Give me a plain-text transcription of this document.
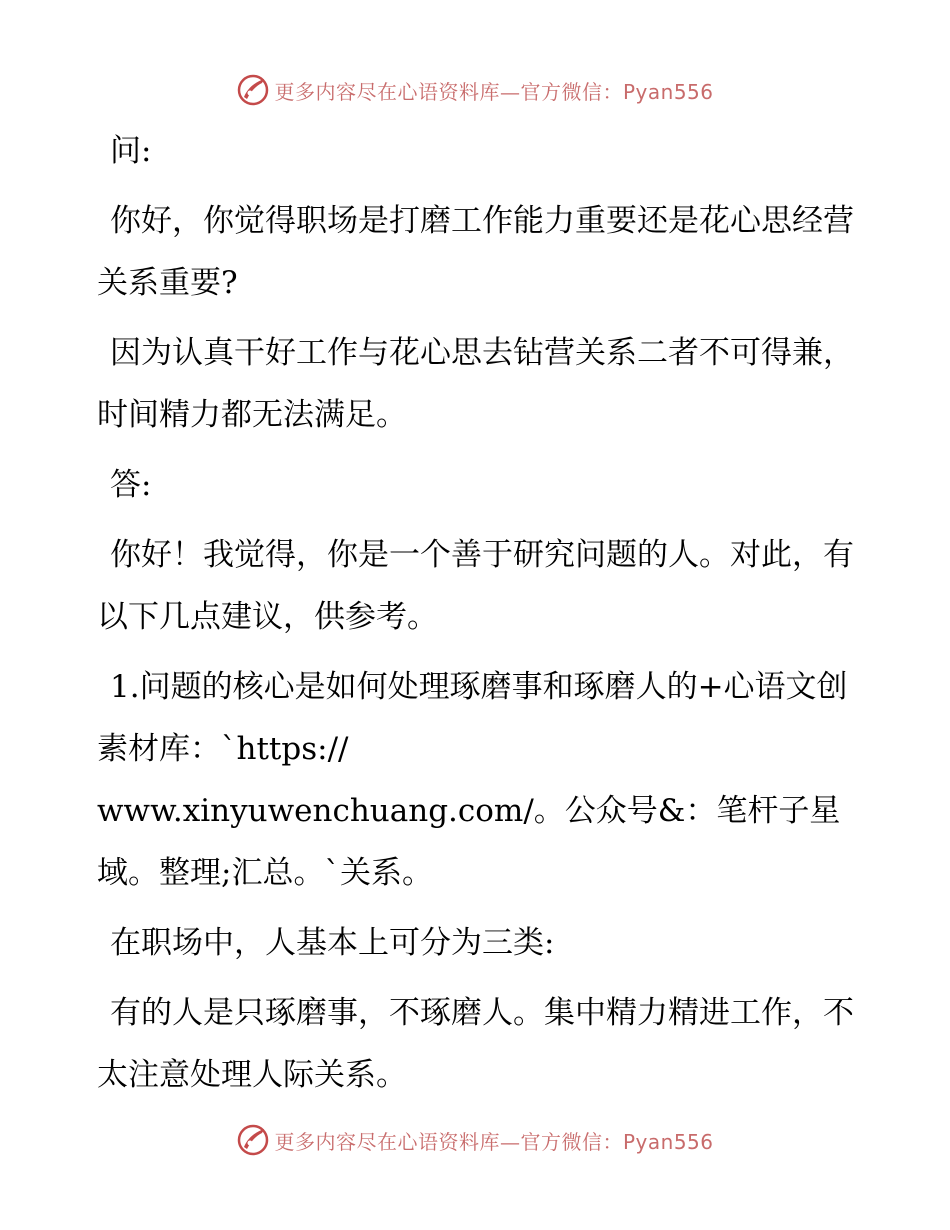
更多内容尽在心语资料库—官方微信：Pyan556

问:

你好，你觉得职场是打磨工作能力重要还是花心思经营关系重要?

因为认真干好工作与花心思去钻营关系二者不可得兼，时间精力都无法满足。

答:

你好！我觉得，你是一个善于研究问题的人。对此，有以下几点建议，供参考。

1.问题的核心是如何处理琢磨事和琢磨人的+心语文创素材库：`https://

www.xinyuwenchuang.com/。公众号&：笔杆子星域。整理;汇总。`关系。

在职场中，人基本上可分为三类:

有的人是只琢磨事，不琢磨人。集中精力精进工作，不太注意处理人际关系。

更多内容尽在心语资料库—官方微信：Pyan556
